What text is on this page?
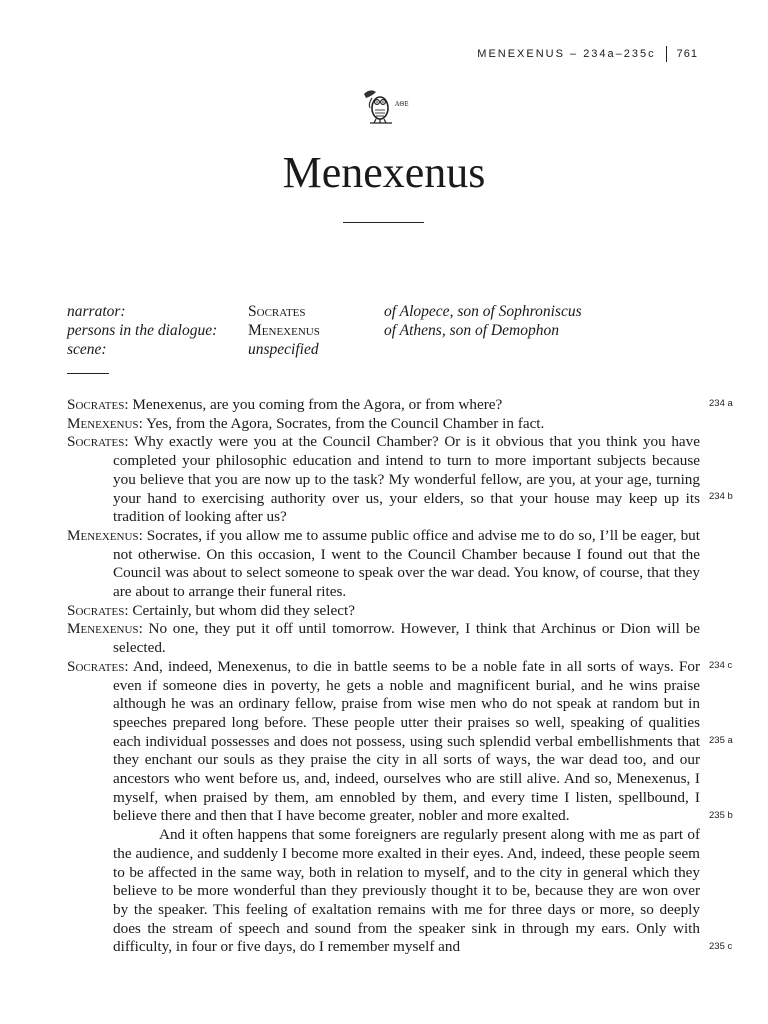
MENEXENUS – 234a–235c 761
ΑΘΕ
Menexenus
narrator:	Socrates	of Alopece, son of Sophroniscus
persons in the dialogue: Menexenus	of Athens, son of Demophon
scene:	unspecified

Socrates: Menexenus, are you coming from the Agora, or from where?

Menexenus: Yes, from the Agora, Socrates, from the Council Chamber in fact.

Socrates: Why exactly were you at the Council Chamber? Or is it obvious that you think you have completed your philosophic education and intend to turn to more important subjects because you believe that you are now up to the task? My wonderful fellow, are you, at your age, turning your hand to exercising authority over us, your elders, so that your house may keep up its tradition of looking after us?

Menexenus: Socrates, if you allow me to assume public office and advise me to do so, I’ll be eager, but not otherwise. On this occasion, I went to the Council Chamber because I found out that the Council was about to select someone to speak over the war dead. You know, of course, that they are about to arrange their funeral rites.

Socrates: Certainly, but whom did they select?

Menexenus: No one, they put it off until tomorrow. However, I think that Archinus or Dion will be selected.

Socrates: And, indeed, Menexenus, to die in battle seems to be a noble fate in all sorts of ways. For even if someone dies in poverty, he gets a noble and magnificent burial, and he wins praise although he was an ordinary fellow, praise from wise men who do not speak at random but in speeches prepared long before. These people utter their praises so well, speaking of qualities each individual possesses and does not possess, using such splendid verbal embellishments that they enchant our souls as they praise the city in all sorts of ways, the war dead too, and our ancestors who went before us, and, indeed, ourselves who are still alive. And so, Menexenus, I myself, when praised by them, am ennobled by them, and every time I listen, spellbound, I believe there and then that I have become greater, nobler and more exalted.

And it often happens that some foreigners are regularly present along with me as part of the audience, and suddenly I become more exalted in their eyes. And, indeed, these people seem to be affected in the same way, both in relation to myself, and to the city in general which they believe to be more wonderful than they previously thought it to be, because they are won over by the speaker. This feeling of exaltation remains with me for three days or more, so deeply does the stream of speech and sound from the speaker sink in through my ears. Only with difficulty, in four or five days, do I remember myself and

234 a
234 b
234 c
235 a
235 b
235 c
